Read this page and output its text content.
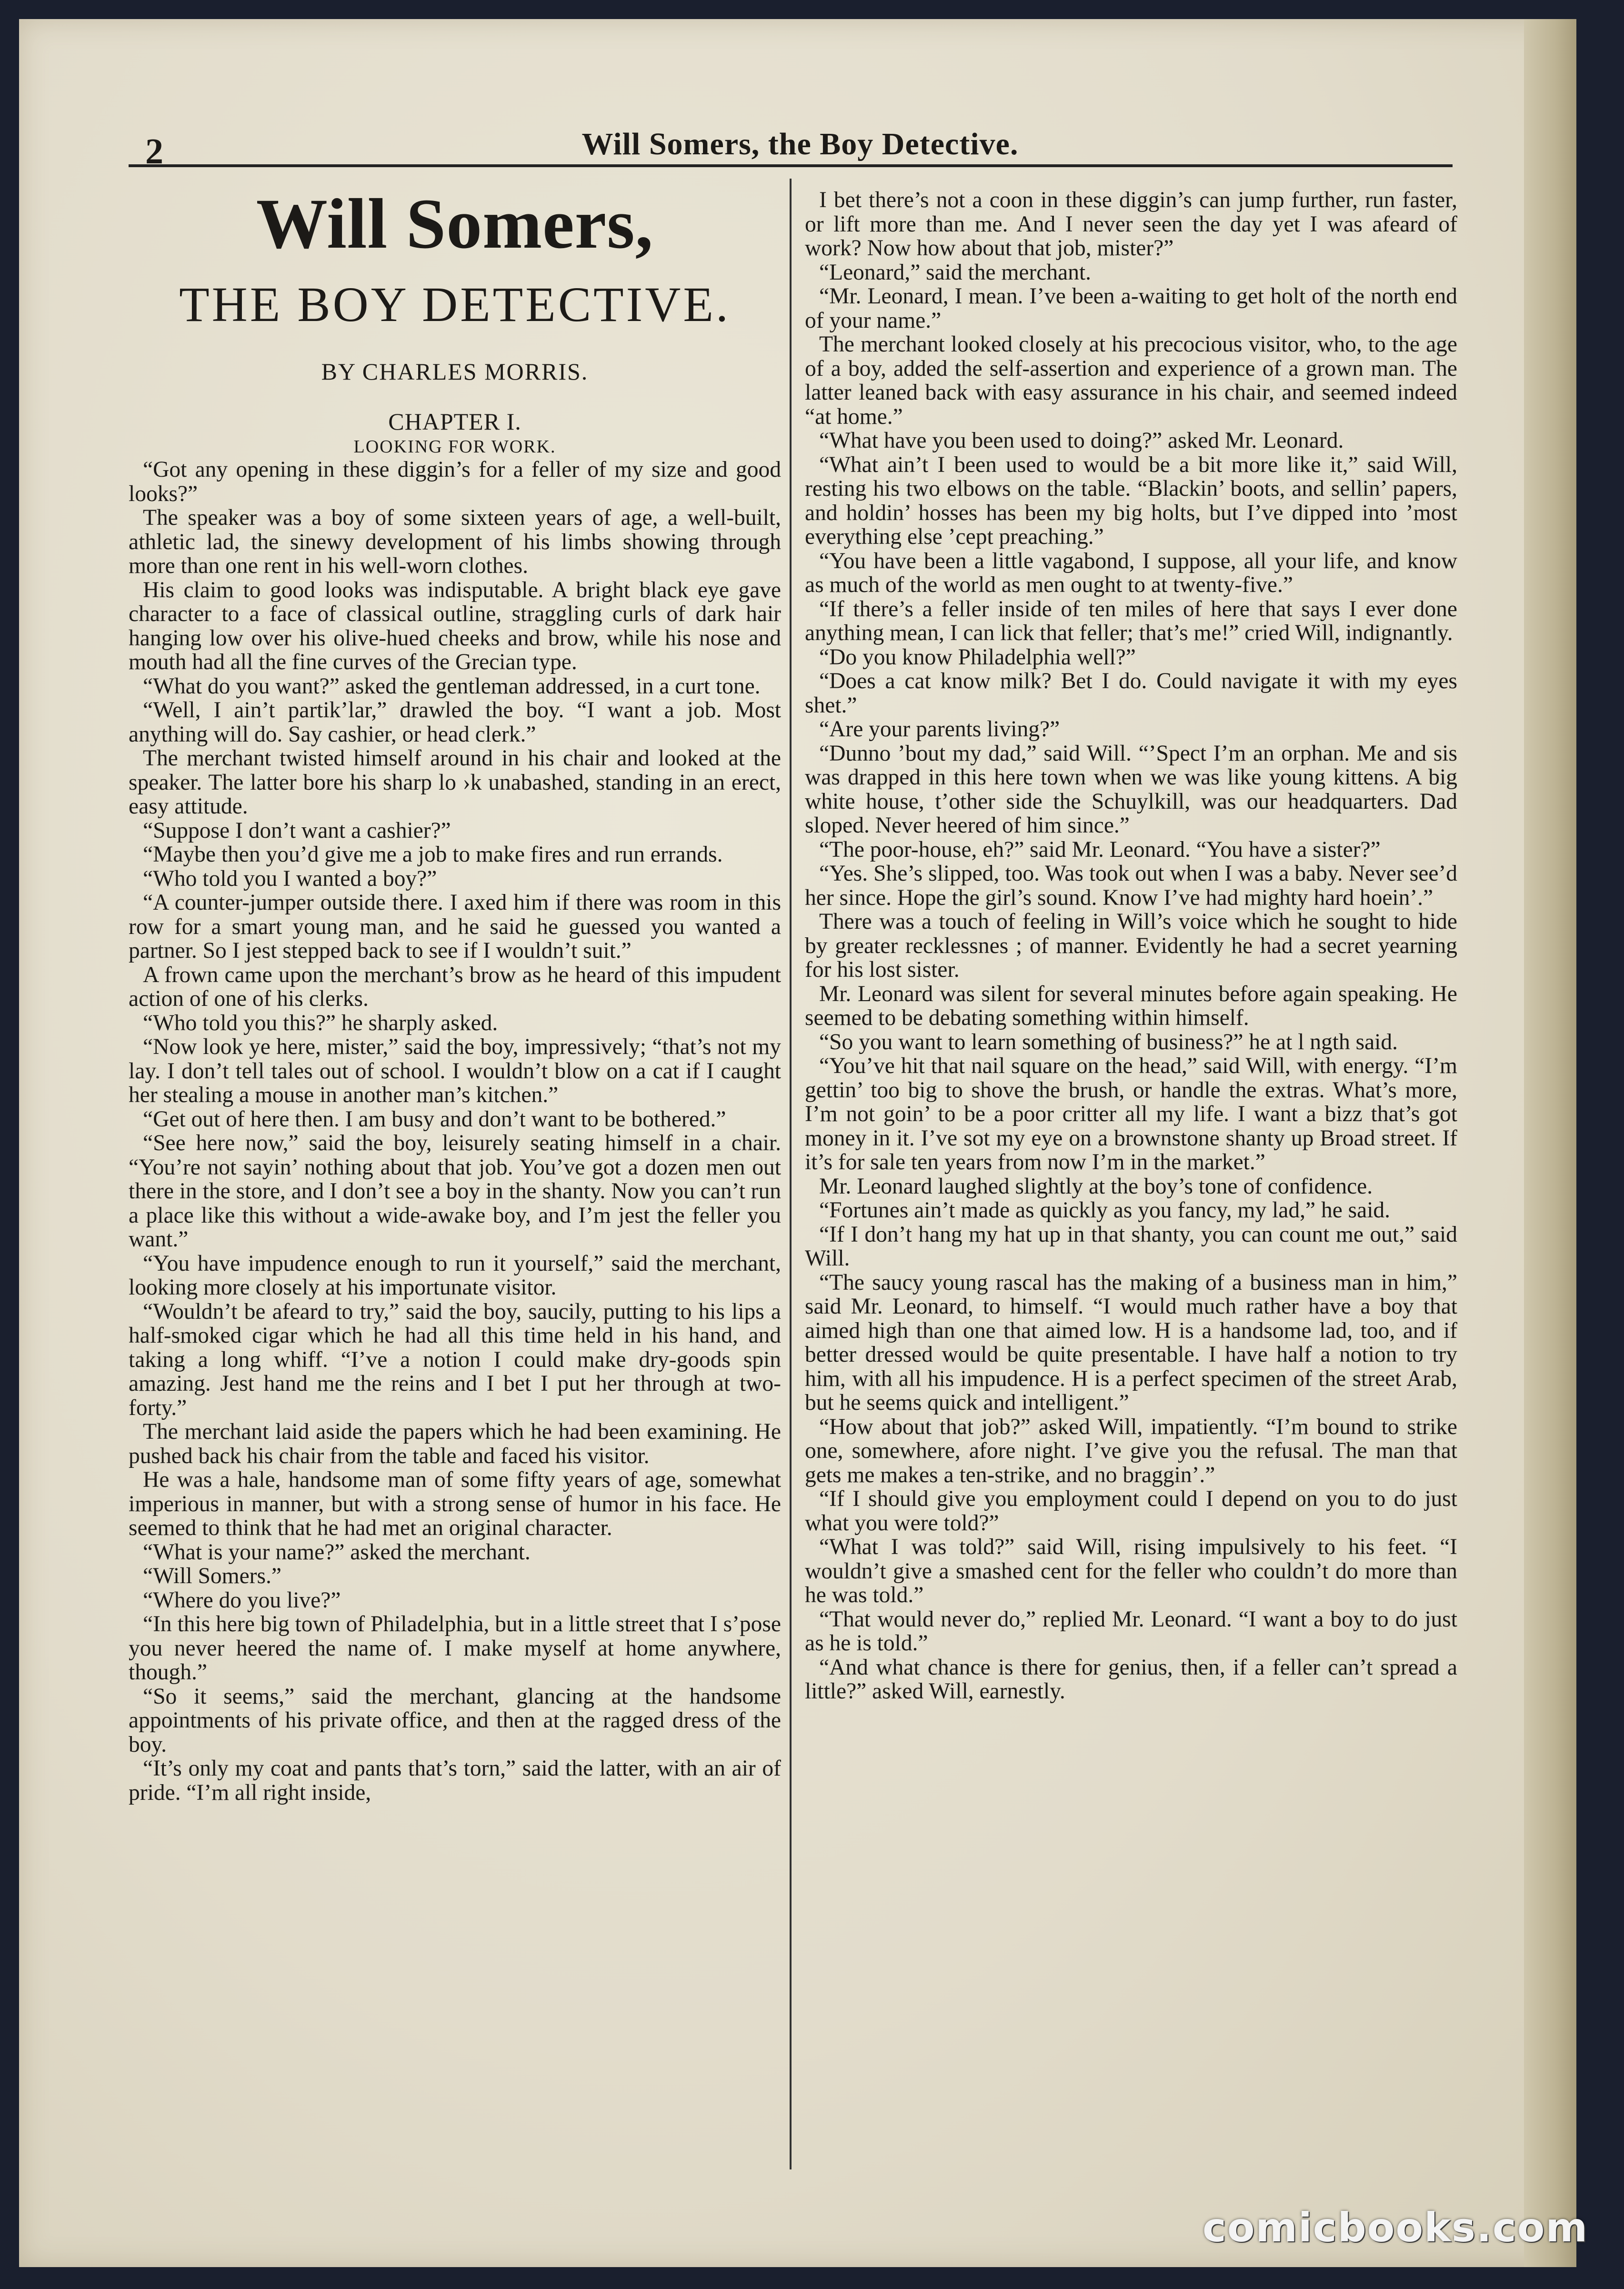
2	Will Somers, the Boy Detective.
Will Somers,
THE BOY DETECTIVE.
BY CHARLES MORRIS.
CHAPTER I.
LOOKING FOR WORK.

“Got any opening in these diggin’s for a feller of my size and good looks?”

The speaker was a boy of some sixteen years of age, a well-built, athletic lad, the sinewy development of his limbs showing through more than one rent in his well-worn clothes.

His claim to good looks was indisputable. A bright black eye gave character to a face of classical outline, straggling curls of dark hair hanging low over his olive-hued cheeks and brow, while his nose and mouth had all the fine curves of the Grecian type.

“What do you want?” asked the gentleman addressed, in a curt tone.

“Well, I ain’t partik’lar,” drawled the boy. “I want a job. Most anything will do. Say cashier, or head clerk.”

The merchant twisted himself around in his chair and looked at the speaker. The latter bore his sharp lo ›k unabashed, standing in an erect, easy attitude.

“Suppose I don’t want a cashier?”

“Maybe then you’d give me a job to make fires and run errands.

“Who told you I wanted a boy?”

“A counter-jumper outside there. I axed him if there was room in this row for a smart young man, and he said he guessed you wanted a partner. So I jest stepped back to see if I wouldn’t suit.”

A frown came upon the merchant’s brow as he heard of this impudent action of one of his clerks.

“Who told you this?” he sharply asked.

“Now look ye here, mister,” said the boy, impressively; “that’s not my lay. I don’t tell tales out of school. I wouldn’t blow on a cat if I caught her stealing a mouse in another man’s kitchen.”

“Get out of here then. I am busy and don’t want to be bothered.”

“See here now,” said the boy, leisurely seating himself in a chair. “You’re not sayin’ nothing about that job. You’ve got a dozen men out there in the store, and I don’t see a boy in the shanty. Now you can’t run a place like this without a wide-awake boy, and I’m jest the feller you want.”

“You have impudence enough to run it yourself,” said the merchant, looking more closely at his importunate visitor.

“Wouldn’t be afeard to try,” said the boy, saucily, putting to his lips a half-smoked cigar which he had all this time held in his hand, and taking a long whiff. “I’ve a notion I could make dry-goods spin amazing. Jest hand me the reins and I bet I put her through at two-forty.”

The merchant laid aside the papers which he had been examining. He pushed back his chair from the table and faced his visitor.

He was a hale, handsome man of some fifty years of age, somewhat imperious in manner, but with a strong sense of humor in his face. He seemed to think that he had met an original character.

“What is your name?” asked the merchant.

“Will Somers.”

“Where do you live?”

“In this here big town of Philadelphia, but in a little street that I s’pose you never heered the name of. I make myself at home anywhere, though.”

“So it seems,” said the merchant, glancing at the handsome appointments of his private office, and then at the ragged dress of the boy.

“It’s only my coat and pants that’s torn,” said the latter, with an air of pride. “I’m all right inside,

I bet there’s not a coon in these diggin’s can jump further, run faster, or lift more than me. And I never seen the day yet I was afeard of work? Now how about that job, mister?”

“Leonard,” said the merchant.

“Mr. Leonard, I mean. I’ve been a-waiting to get holt of the north end of your name.”

The merchant looked closely at his precocious visitor, who, to the age of a boy, added the self-assertion and experience of a grown man. The latter leaned back with easy assurance in his chair, and seemed indeed “at home.”

“What have you been used to doing?” asked Mr. Leonard.

“What ain’t I been used to would be a bit more like it,” said Will, resting his two elbows on the table. “Blackin’ boots, and sellin’ papers, and holdin’ hosses has been my big holts, but I’ve dipped into ’most everything else ’cept preaching.”

“You have been a little vagabond, I suppose, all your life, and know as much of the world as men ought to at twenty-five.”

“If there’s a feller inside of ten miles of here that says I ever done anything mean, I can lick that feller; that’s me!” cried Will, indignantly.

“Do you know Philadelphia well?”

“Does a cat know milk? Bet I do. Could navigate it with my eyes shet.”

“Are your parents living?”

“Dunno ’bout my dad,” said Will. “’Spect I’m an orphan. Me and sis was drapped in this here town when we was like young kittens. A big white house, t’other side the Schuylkill, was our headquarters. Dad sloped. Never heered of him since.”

“The poor-house, eh?” said Mr. Leonard. “You have a sister?”

“Yes. She’s slipped, too. Was took out when I was a baby. Never see’d her since. Hope the girl’s sound. Know I’ve had mighty hard hoein’.”

There was a touch of feeling in Will’s voice which he sought to hide by greater recklessnes ; of manner. Evidently he had a secret yearning for his lost sister.

Mr. Leonard was silent for several minutes before again speaking. He seemed to be debating something within himself.

“So you want to learn something of business?” he at l ngth said.

“You’ve hit that nail square on the head,” said Will, with energy. “I’m gettin’ too big to shove the brush, or handle the extras. What’s more, I’m not goin’ to be a poor critter all my life. I want a bizz that’s got money in it. I’ve sot my eye on a brownstone shanty up Broad street. If it’s for sale ten years from now I’m in the market.”

Mr. Leonard laughed slightly at the boy’s tone of confidence.

“Fortunes ain’t made as quickly as you fancy, my lad,” he said.

“If I don’t hang my hat up in that shanty, you can count me out,” said Will.

“The saucy young rascal has the making of a business man in him,” said Mr. Leonard, to himself. “I would much rather have a boy that aimed high than one that aimed low. H is a handsome lad, too, and if better dressed would be quite presentable. I have half a notion to try him, with all his impudence. H is a perfect specimen of the street Arab, but he seems quick and intelligent.”

“How about that job?” asked Will, impatiently. “I’m bound to strike one, somewhere, afore night. I’ve give you the refusal. The man that gets me makes a ten-strike, and no braggin’.”

“If I should give you employment could I depend on you to do just what you were told?”

“What I was told?” said Will, rising impulsively to his feet. “I wouldn’t give a smashed cent for the feller who couldn’t do more than he was told.”

“That would never do,” replied Mr. Leonard. “I want a boy to do just as he is told.”

“And what chance is there for genius, then, if a feller can’t spread a little?” asked Will, earnestly.

comicbooks.com
